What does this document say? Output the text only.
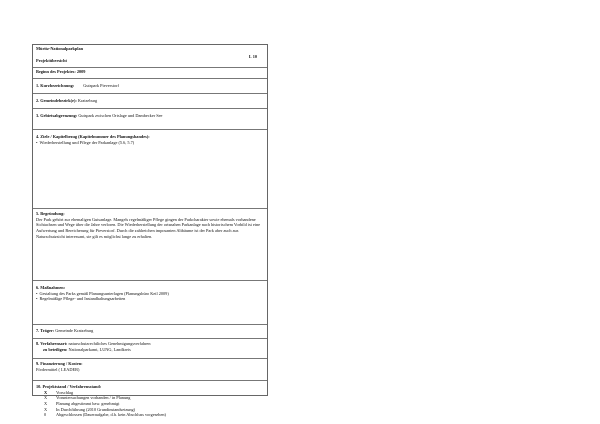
Müritz-Nationalparkplan
I. 10
Projektübersicht
Beginn des Projektes: 2009
1. Kurzbezeichnung: Gutspark Pieverstorf
2. Gemeindebezirk(e): Kratzeburg
3. Gebietsabgrenzung: Gutspark zwischen Ortslage und Dambecker See
4. Ziele / Kapitelbezug (Kapitelnummer des Planungsbandes):
• Wiederherstellung und Pflege der Parkanlage (5.6, 5.7)
5. Begründung:
Der Park gehört zur ehemaligen Gutsanlage. Mangels regelmäßiger Pflege gingen der Parkcharakter sowie ehemals vorhandene Sichtachsen und Wege über die Jahre verloren. Die Wiederherstellung der ortsnahen Parkanlage nach historischem Vorbild ist eine Aufwertung und Bereicherung für Pieverstorf. Durch die zahlreichen imposanten Altbäume ist der Park aber auch aus Naturschutzsicht interessant, sie gilt es möglichst lange zu erhalten.
6. Maßnahmen:
• Gestaltung des Parks gemäß Planungsunterlagen (Planungsbüro Keil 2009)
• Regelmäßige Pflege- und Instandhaltungsarbeiten
7. Träger: Gemeinde Kratzeburg
8. Verfahrensart: naturschutzrechtliches Genehmigungsverfahren
zu beteiligen: Nationalparkamt, LUNG, Landkreis
9. Finanzierung / Kosten:
Fördermittel ( LEADER)
10. Projektstand / Verfahrensstand:
X	Vorschlag
X	Voruntersuchungen vorhanden / in Planung
X	Planung abgestimmt bzw. genehmigt
X	In Durchführung (2010 Grundinstandsetzung)
0	Abgeschlossen (Daueraufgabe, d.h. kein Abschluss vorgesehen)
